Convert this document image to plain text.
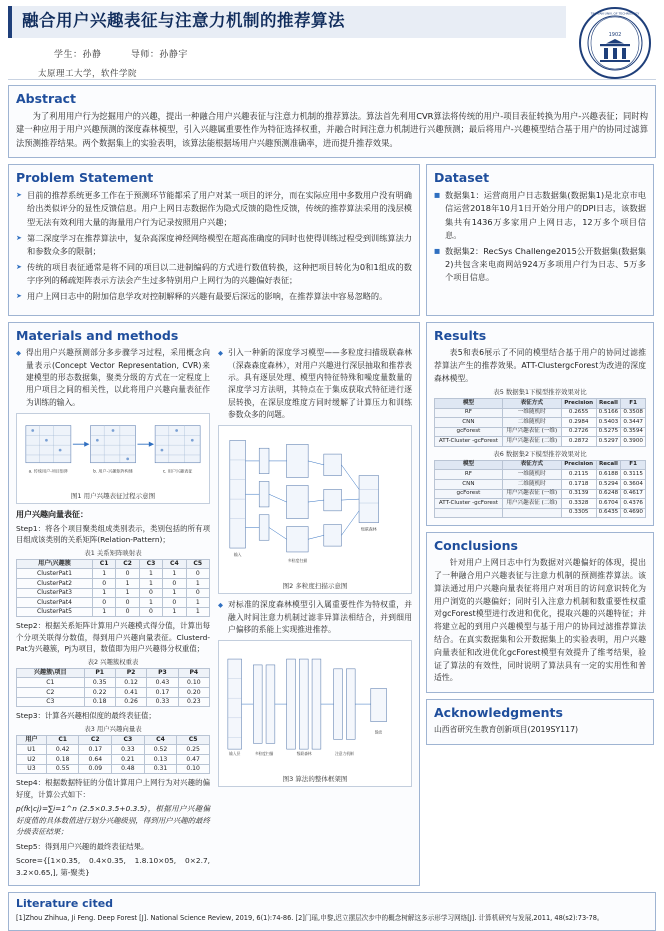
融合用户兴趣表征与注意力机制的推荐算法
学生：孙静	导师：孙静宇
太原理工大学，软件学院
1902
TAIYUAN UNIV. OF TECHNOLOGY
Abstract
为了利用用户行为挖掘用户的兴趣，提出一种融合用户兴趣表征与注意力机制的推荐算法。算法首先利用CVR算法将传统的用户-项目表征转换为用户-兴趣表征；同时构建一种应用于用户兴趣预测的深度森林模型，引入兴趣属重要性作为特征选择权重，并融合时间注意力机制进行兴趣预测；最后将用户-兴趣模型结合基于用户的协同过滤算法预测推荐结果。两个数据集上的实验表明，该算法能根据场用户兴趣预测准确率，进而提升推荐效果。
Problem Statement
➤ 目前的推荐系统更多工作在于预测环节能都采了用户对某一项目的评分，而在实际应用中多数用户没有明确给出类似评分的显性反馈信息。用户上网日志数据作为隐式反馈的隐性反馈，传统的推荐算法采用的浅层模型无法有效利用大量的海量用户行为记录按照用户兴趣；
➤ 第二深度学习在推荐算法中，复杂高深度神经网络模型在超高准确度的同时也使得训练过程受到训练算法力和参数众多的限制；
➤ 传统的项目表征通常是将不同的项目以二进制编码的方式进行数值转换，这种把项目转化为0和1组成的数字序列的稀疏矩阵表示方法会产生过多特别用户上网行为的兴趣偏好表征；
➤ 用户上网日志中的附加信息学攻对控制解释的兴趣有最要后深远的影响，在推荐算法中容易忽略的。
Dataset
■ 数据集1：运营商用户日志数据集(数据集1)是北京市电信运营2018年10月1日开始分用户的DPI日志，该数据集共有1436万多家用户上网日志，12万多个项目信息。
■ 数据集2：RecSys Challenge2015公开数据集(数据集2)共包含来电商网站924万多项用户行为日志、5万多个项目信息。
Materials and methods
◆ 得出用户兴趣预测部分多步骤学习过程，采用概念向量表示(Concept Vector Representation, CVR)来建模型的形态数据集，聚类分级的方式在一定程度上用户项目之间的相关性，以此将用户兴趣向量表征作为训练的输入。
a. 传统用户-项目矩阵	b. 用户-兴趣矩阵构建	c. 用户兴趣表征
图1 用户兴趣表征过程示意图
用户兴趣向量表征：
Step1：将各个项目聚类组成类别表示，类别包括的所有项目组成该类别的关系矩阵(Relation-Pattern)；
表1 关系矩阵映射表
用户\兴趣簇	C1	C2	C3	C4	C5
ClusterPat1	1	0	1	1	0
ClusterPat2	0	1	1	0	1
ClusterPat3	1	1	0	1	0
ClusterPat4	0	0	1	0	1
ClusterPat5	1	0	0	1	1
Step2：根据关系矩阵计算用户兴趣模式得分值，计算出每个分项关联得分数值，得到用户兴趣向量表征。Clusterd-Pat为兴趣簇，Pj为项目，数值即为用户兴趣得分权重值；
表2 兴趣簇权重表
兴趣簇\项目	P1	P2	P3	P4
C1	0.35	0.12	0.43	0.10
C2	0.22	0.41	0.17	0.20
C3	0.18	0.26	0.33	0.23
Step3：计算各兴趣相似度的最终表征值；
表3 用户兴趣向量表
用户	C1	C2	C3	C4	C5
U1	0.42	0.17	0.33	0.52	0.25
U2	0.18	0.64	0.21	0.13	0.47
U3	0.55	0.09	0.48	0.31	0.10
Step4：根据数据特征的分值计算用户上网行为对兴趣的偏好度，计算公式如下：
p(fk|cj)=∑i=1^n (2.5×0.3.5+0.3.5)，根据用户兴趣偏好度值的具体数值进行划分兴趣级别，得到用户兴趣的最终分级表征结果；
Step5：得到用户兴趣的最终表征结果。
Score={[1×0.35, 0.4×0.35, 1.8.10×05, 0×2.7, 3.2×0.65,], 第-聚类}
◆ 引入一种新的深度学习模型——多粒度扫描级联森林（深森森度森林），对用户兴趣进行深层抽取和推荐表示。具有逐层处理、模型内特征特殊和噪度量数量的深度学习方法明，其特点在于集成获取式特征进行逐层转换，在深层度维度方同时缓解了计算压力和训练参数众多的问题。
输入
多粒度扫描
级联森林
图2 多粒度扫描示意图
◆ 对标准的深度森林模型引入属重要性作为特权重，并融入时间注意力机制过滤非异算法相结合，并到细用户偏移的系能上实现推进推荐。
输入层	多粒度扫描	级联森林	注意力机制
输出
图3 算法的整体框架图
Results
表5和表6展示了不同的模型结合基于用户的协同过滤推荐算法产生的推荐效果。ATT-ClustergcForest为改进的深度森林模型。
表5 数据集1下模型推荐效果对比
模型	表征方式	Precision	Recall	F1
RF	一维随机时	0.2655	0.5166	0.3508
CNN	二维随机时	0.2984	0.5403	0.3447
gcForest	用户兴趣表征 (一维)	0.2726	0.5275	0.3594
ATT-Cluster -gcForest	用户兴趣表征 (二维)	0.2872	0.5297	0.3900
表6 数据集2下模型推荐效果对比
模型	表征方式	Precision	Recall	F1
RF	一维随机时	0.2115	0.6188	0.3115
CNN	二维随机时	0.1718	0.5294	0.3604
gcForest	用户兴趣表征 (一维)	0.3139	0.6248	0.4617
ATT-Cluster -gcForest	用户兴趣表征 (二维)	0.3328	0.6704	0.4376
		0.3305	0.6435	0.4690
Conclusions
针对用户上网日志中行为数据对兴趣偏好的体现，提出了一种融合用户兴趣表征与注意力机制的预测推荐算法。该算法通过用户兴趣向量表征将用户对项目的访问意识转化为用户浏览的兴趣偏好；同时引入注意力机制和数重要性权重对gcForest模型进行改进和优化，提取兴趣的兴趣特征；并将建立起的到用户兴趣模型与基于用户的协同过滤推荐算法结合。在真实数据集和公开数据集上的实验表明，用户兴趣向量表征和改进优化gcForest模型有效提升了维考结果，验证了算法的有效性，同时说明了算法具有一定的实用性和普适性。
Acknowledgments
山西省研究生教育创新项目(2019SY117)
Literature cited
[1]Zhou Zhihua, Ji Feng. Deep Forest [J]. National Science Review, 2019, 6(1):74-86. [2]门瑶,申黎,迟立摆层次步中的概念树解这多示形学习网络[J]. 计算机研究与发展,2011, 48(s2):73-78。
